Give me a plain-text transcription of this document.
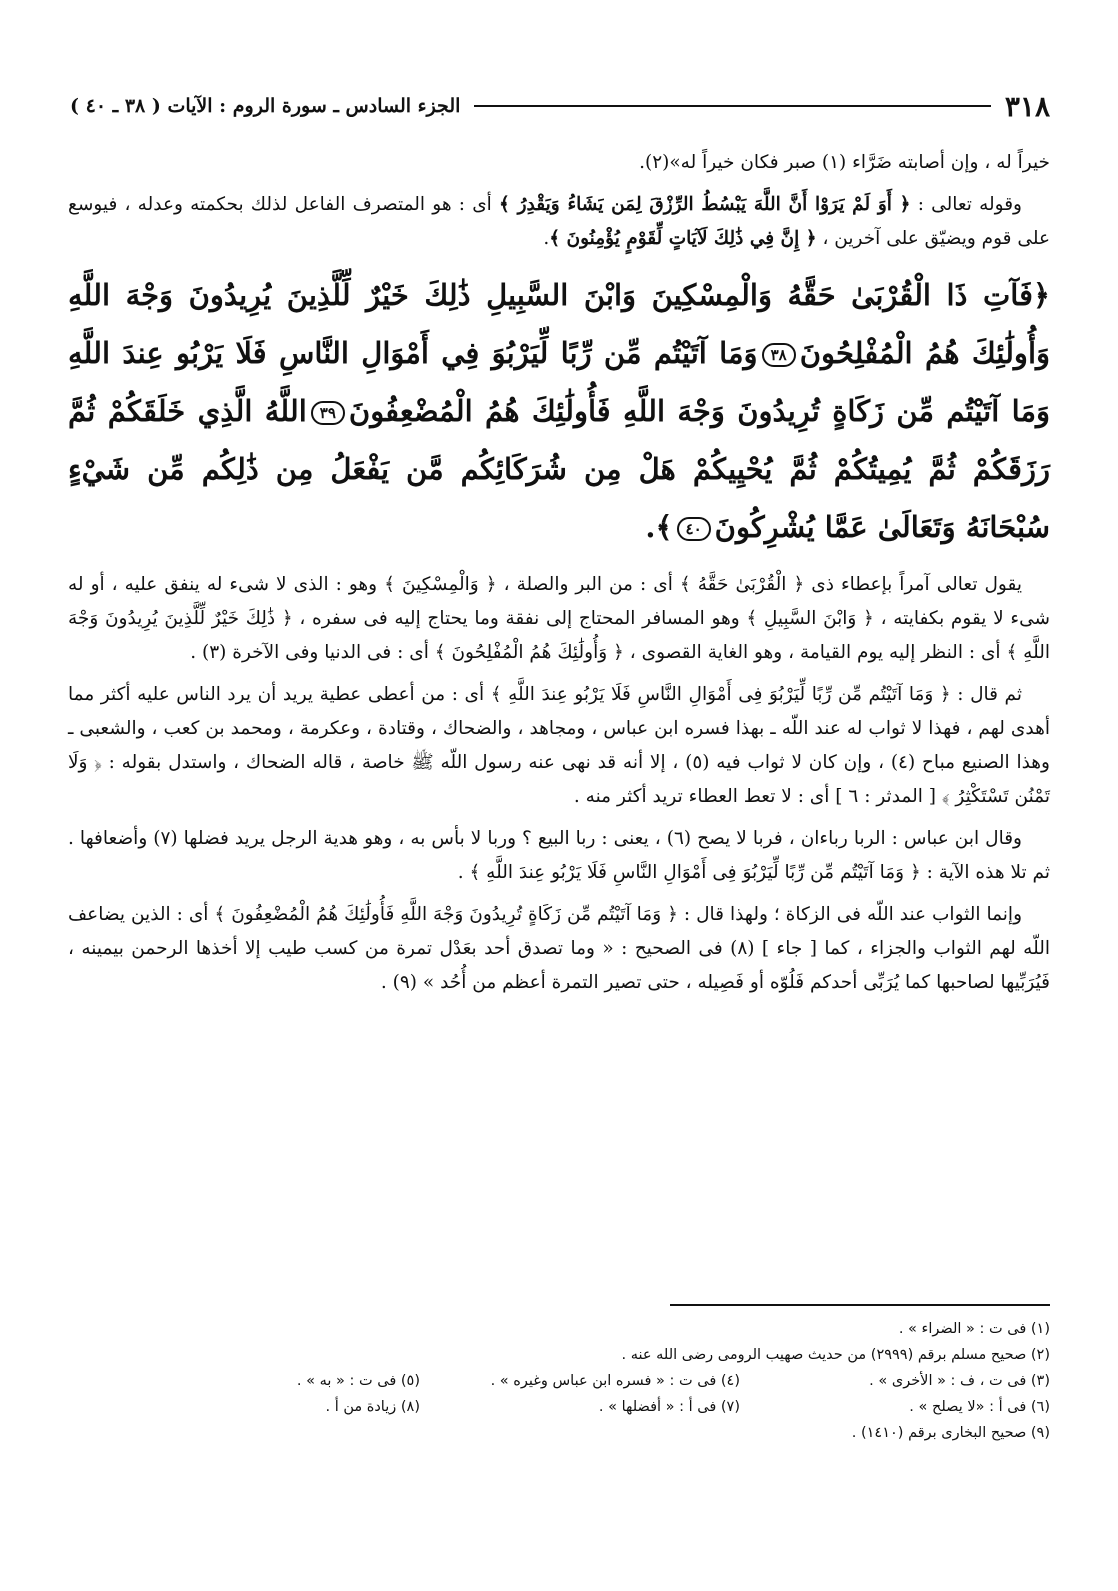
٣١٨
الجزء السادس ـ سورة الروم : الآيات ( ٣٨ ـ ٤٠ )

خيراً له ، وإن أصابته ضَرَّاء (١) صبر فكان خيراً له»(٢).

وقوله تعالى : ﴿ أَوَ لَمْ يَرَوْا أَنَّ اللَّهَ يَبْسُطُ الرِّزْقَ لِمَن يَشَاءُ وَيَقْدِرُ ﴾ أى : هو المتصرف الفاعل لذلك بحكمته وعدله ، فيوسع على قوم ويضيّق على آخرين ، ﴿ إِنَّ فِي ذَٰلِكَ لَآيَاتٍ لِّقَوْمٍ يُؤْمِنُونَ ﴾.

﴿فَآتِ ذَا الْقُرْبَىٰ حَقَّهُ وَالْمِسْكِينَ وَابْنَ السَّبِيلِ ذَٰلِكَ خَيْرٌ لِّلَّذِينَ يُرِيدُونَ وَجْهَ اللَّهِ وَأُولَٰئِكَ هُمُ الْمُفْلِحُونَ٣٨وَمَا آتَيْتُم مِّن رِّبًا لِّيَرْبُوَ فِي أَمْوَالِ النَّاسِ فَلَا يَرْبُو عِندَ اللَّهِ وَمَا آتَيْتُم مِّن زَكَاةٍ تُرِيدُونَ وَجْهَ اللَّهِ فَأُولَٰئِكَ هُمُ الْمُضْعِفُونَ٣٩اللَّهُ الَّذِي خَلَقَكُمْ ثُمَّ رَزَقَكُمْ ثُمَّ يُمِيتُكُمْ ثُمَّ يُحْيِيكُمْ هَلْ مِن شُرَكَائِكُم مَّن يَفْعَلُ مِن ذَٰلِكُم مِّن شَيْءٍ سُبْحَانَهُ وَتَعَالَىٰ عَمَّا يُشْرِكُونَ٤٠﴾.

يقول تعالى آمراً بإعطاء ذى ﴿ الْقُرْبَىٰ حَقَّهُ ﴾ أى : من البر والصلة ، ﴿ وَالْمِسْكِينَ ﴾ وهو : الذى لا شىء له ينفق عليه ، أو له شىء لا يقوم بكفايته ، ﴿ وَابْنَ السَّبِيلِ ﴾ وهو المسافر المحتاج إلى نفقة وما يحتاج إليه فى سفره ، ﴿ ذَٰلِكَ خَيْرٌ لِّلَّذِينَ يُرِيدُونَ وَجْهَ اللَّهِ ﴾ أى : النظر إليه يوم القيامة ، وهو الغاية القصوى ، ﴿ وَأُولَٰئِكَ هُمُ الْمُفْلِحُونَ ﴾ أى : فى الدنيا وفى الآخرة (٣) .

ثم قال : ﴿ وَمَا آتَيْتُم مِّن رِّبًا لِّيَرْبُوَ فِى أَمْوَالِ النَّاسِ فَلَا يَرْبُو عِندَ اللَّهِ ﴾ أى : من أعطى عطية يريد أن يرد الناس عليه أكثر مما أهدى لهم ، فهذا لا ثواب له عند اللّه ـ بهذا فسره ابن عباس ، ومجاهد ، والضحاك ، وقتادة ، وعكرمة ، ومحمد بن كعب ، والشعبى ـ وهذا الصنيع مباح (٤) ، وإن كان لا ثواب فيه (٥) ، إلا أنه قد نهى عنه رسول اللّه ﷺ خاصة ، قاله الضحاك ، واستدل بقوله : ﴿ وَلَا تَمْنُن تَسْتَكْثِرُ ﴾ [ المدثر : ٦ ] أى : لا تعط العطاء تريد أكثر منه .

وقال ابن عباس : الربا رباءان ، فربا لا يصح (٦) ، يعنى : ربا البيع ؟ وربا لا بأس به ، وهو هدية الرجل يريد فضلها (٧) وأضعافها . ثم تلا هذه الآية : ﴿ وَمَا آتَيْتُم مِّن رِّبًا لِّيَرْبُوَ فِى أَمْوَالِ النَّاسِ فَلَا يَرْبُو عِندَ اللَّهِ ﴾ .

وإنما الثواب عند اللّه فى الزكاة ؛ ولهذا قال : ﴿ وَمَا آتَيْتُم مِّن زَكَاةٍ تُرِيدُونَ وَجْهَ اللَّهِ فَأُولَٰئِكَ هُمُ الْمُضْعِفُونَ ﴾ أى : الذين يضاعف اللّه لهم الثواب والجزاء ، كما [ جاء ] (٨) فى الصحيح : « وما تصدق أحد بعَدْل تمرة من كسب طيب إلا أخذها الرحمن بيمينه ، فَيُرَبِّيها لصاحبها كما يُرَبِّى أحدكم فَلُوّه أو فَصِيله ، حتى تصير التمرة أعظم من أُحُد » (٩) .

(١) فى ت : « الضراء » .
(٢) صحيح مسلم برقم (٢٩٩٩) من حديث صهيب الرومى رضى الله عنه .
(٣) فى ت ، ف : « الأخرى » .
(٤) فى ت : « فسره ابن عباس وغيره » .
(٥) فى ت : « به » .
(٦) فى أ : «لا يصلح » .
(٧) فى أ : « أفضلها » .
(٨) زيادة من أ .
(٩) صحيح البخارى برقم (١٤١٠) .
